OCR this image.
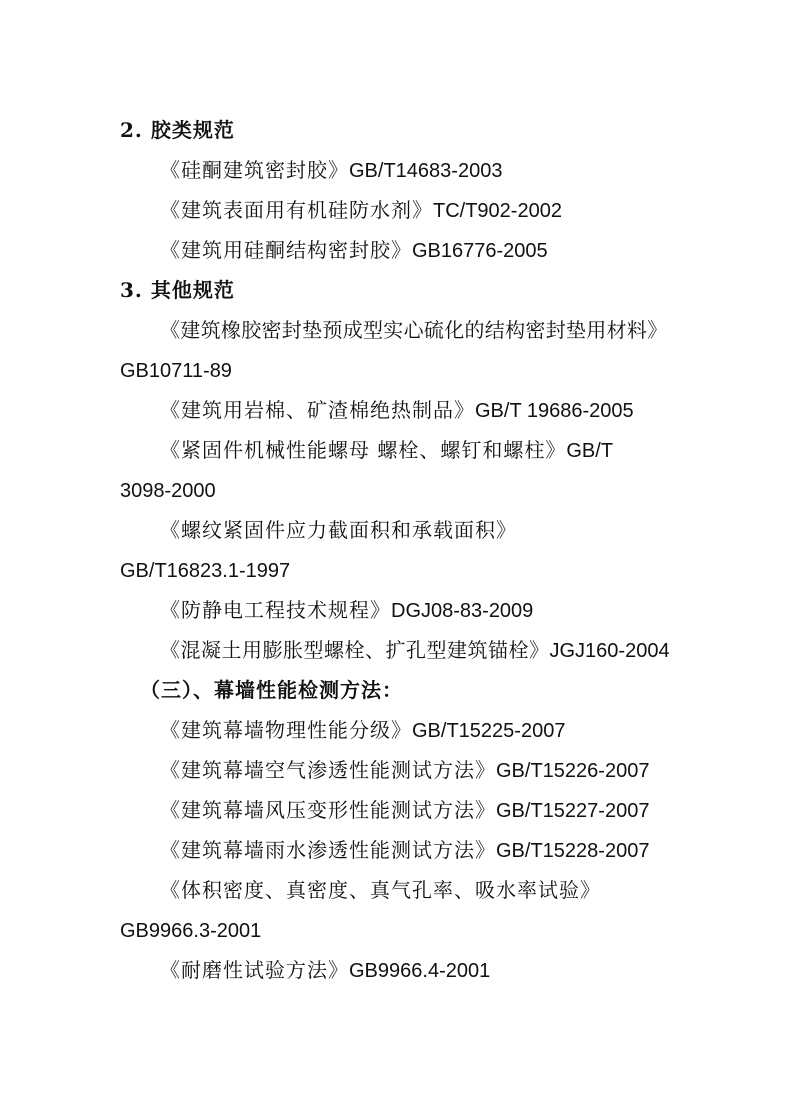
2. 胶类规范
《硅酮建筑密封胶》GB/T14683-2003
《建筑表面用有机硅防水剂》TC/T902-2002
《建筑用硅酮结构密封胶》GB16776-2005
3. 其他规范
《建筑橡胶密封垫预成型实心硫化的结构密封垫用材料》
GB10711-89
《建筑用岩棉、矿渣棉绝热制品》GB/T 19686-2005
《紧固件机械性能螺母 螺栓、螺钉和螺柱》GB/T
3098-2000
《螺纹紧固件应力截面积和承载面积》
GB/T16823.1-1997
《防静电工程技术规程》DGJ08-83-2009
《混凝土用膨胀型螺栓、扩孔型建筑锚栓》JGJ160-2004
（三）、幕墙性能检测方法：
《建筑幕墙物理性能分级》GB/T15225-2007
《建筑幕墙空气渗透性能测试方法》GB/T15226-2007
《建筑幕墙风压变形性能测试方法》GB/T15227-2007
《建筑幕墙雨水渗透性能测试方法》GB/T15228-2007
《体积密度、真密度、真气孔率、吸水率试验》
GB9966.3-2001
《耐磨性试验方法》GB9966.4-2001
